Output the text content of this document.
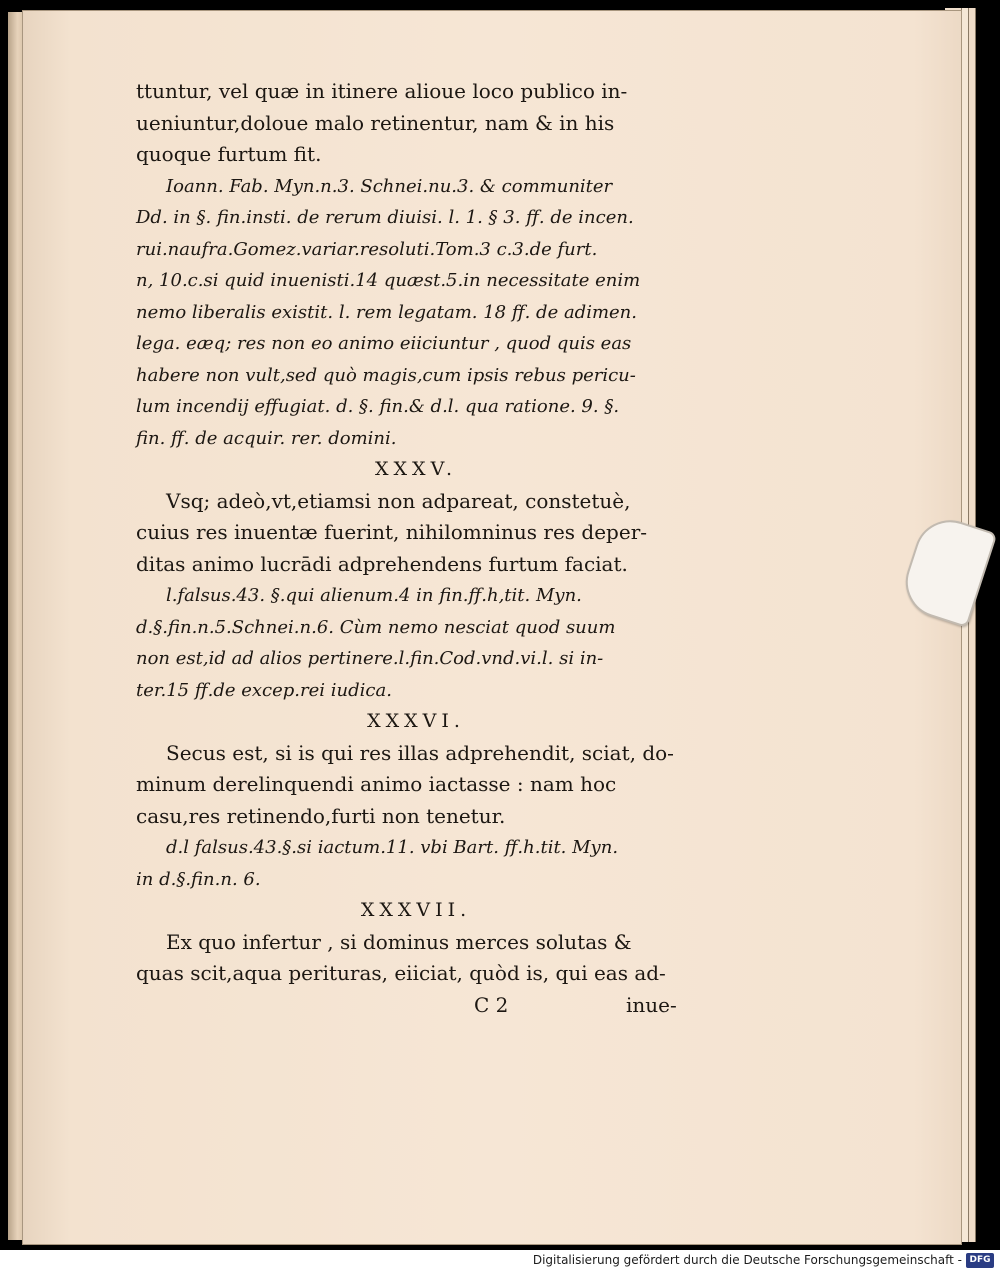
ttuntur, vel quæ in itinere alioue loco publico in-
ueniuntur,doloue malo retinentur, nam & in his
quoque furtum fit.
Ioann. Fab. Myn.n.3. Schnei.nu.3. & communiter
Dd. in §. fin.insti. de rerum diuisi. l. 1. § 3. ff. de incen.
rui.naufra.Gomez.variar.resoluti.Tom.3 c.3.de furt.
n, 10.c.si quid inuenisti.14 quæst.5.in necessitate enim
nemo liberalis existit. l. rem legatam. 18 ff. de adimen.
lega. eæq; res non eo animo eiiciuntur , quod quis eas
habere non vult,sed quò magis,cum ipsis rebus pericu-
lum incendij effugiat. d. §. fin.& d.l. qua ratione. 9. §.
fin. ff. de acquir. rer. domini.
XXXV.
Vsq; adeò,vt,etiamsi non adpareat, constetuè,
cuius res inuentæ fuerint, nihilomninus res deper-
ditas animo lucrādi adprehendens furtum faciat.
l.falsus.43. §.qui alienum.4 in fin.ff.h,tit. Myn.
d.§.fin.n.5.Schnei.n.6. Cùm nemo nesciat quod suum
non est,id ad alios pertinere.l.fin.Cod.vnd.vi.l. si in-
ter.15 ff.de excep.rei iudica.
XXXVI.
Secus est, si is qui res illas adprehendit, sciat, do-
minum derelinquendi animo iactasse : nam hoc
casu,res retinendo,furti non tenetur.
d.l falsus.43.§.si iactum.11. vbi Bart. ff.h.tit. Myn.
in d.§.fin.n. 6.
XXXVII.
Ex quo infertur , si dominus merces solutas &
quas scit,aqua perituras, eiiciat, quòd is, qui eas ad-
C 2	inue-
Digitalisierung gefördert durch die Deutsche Forschungsgemeinschaft - DFG
